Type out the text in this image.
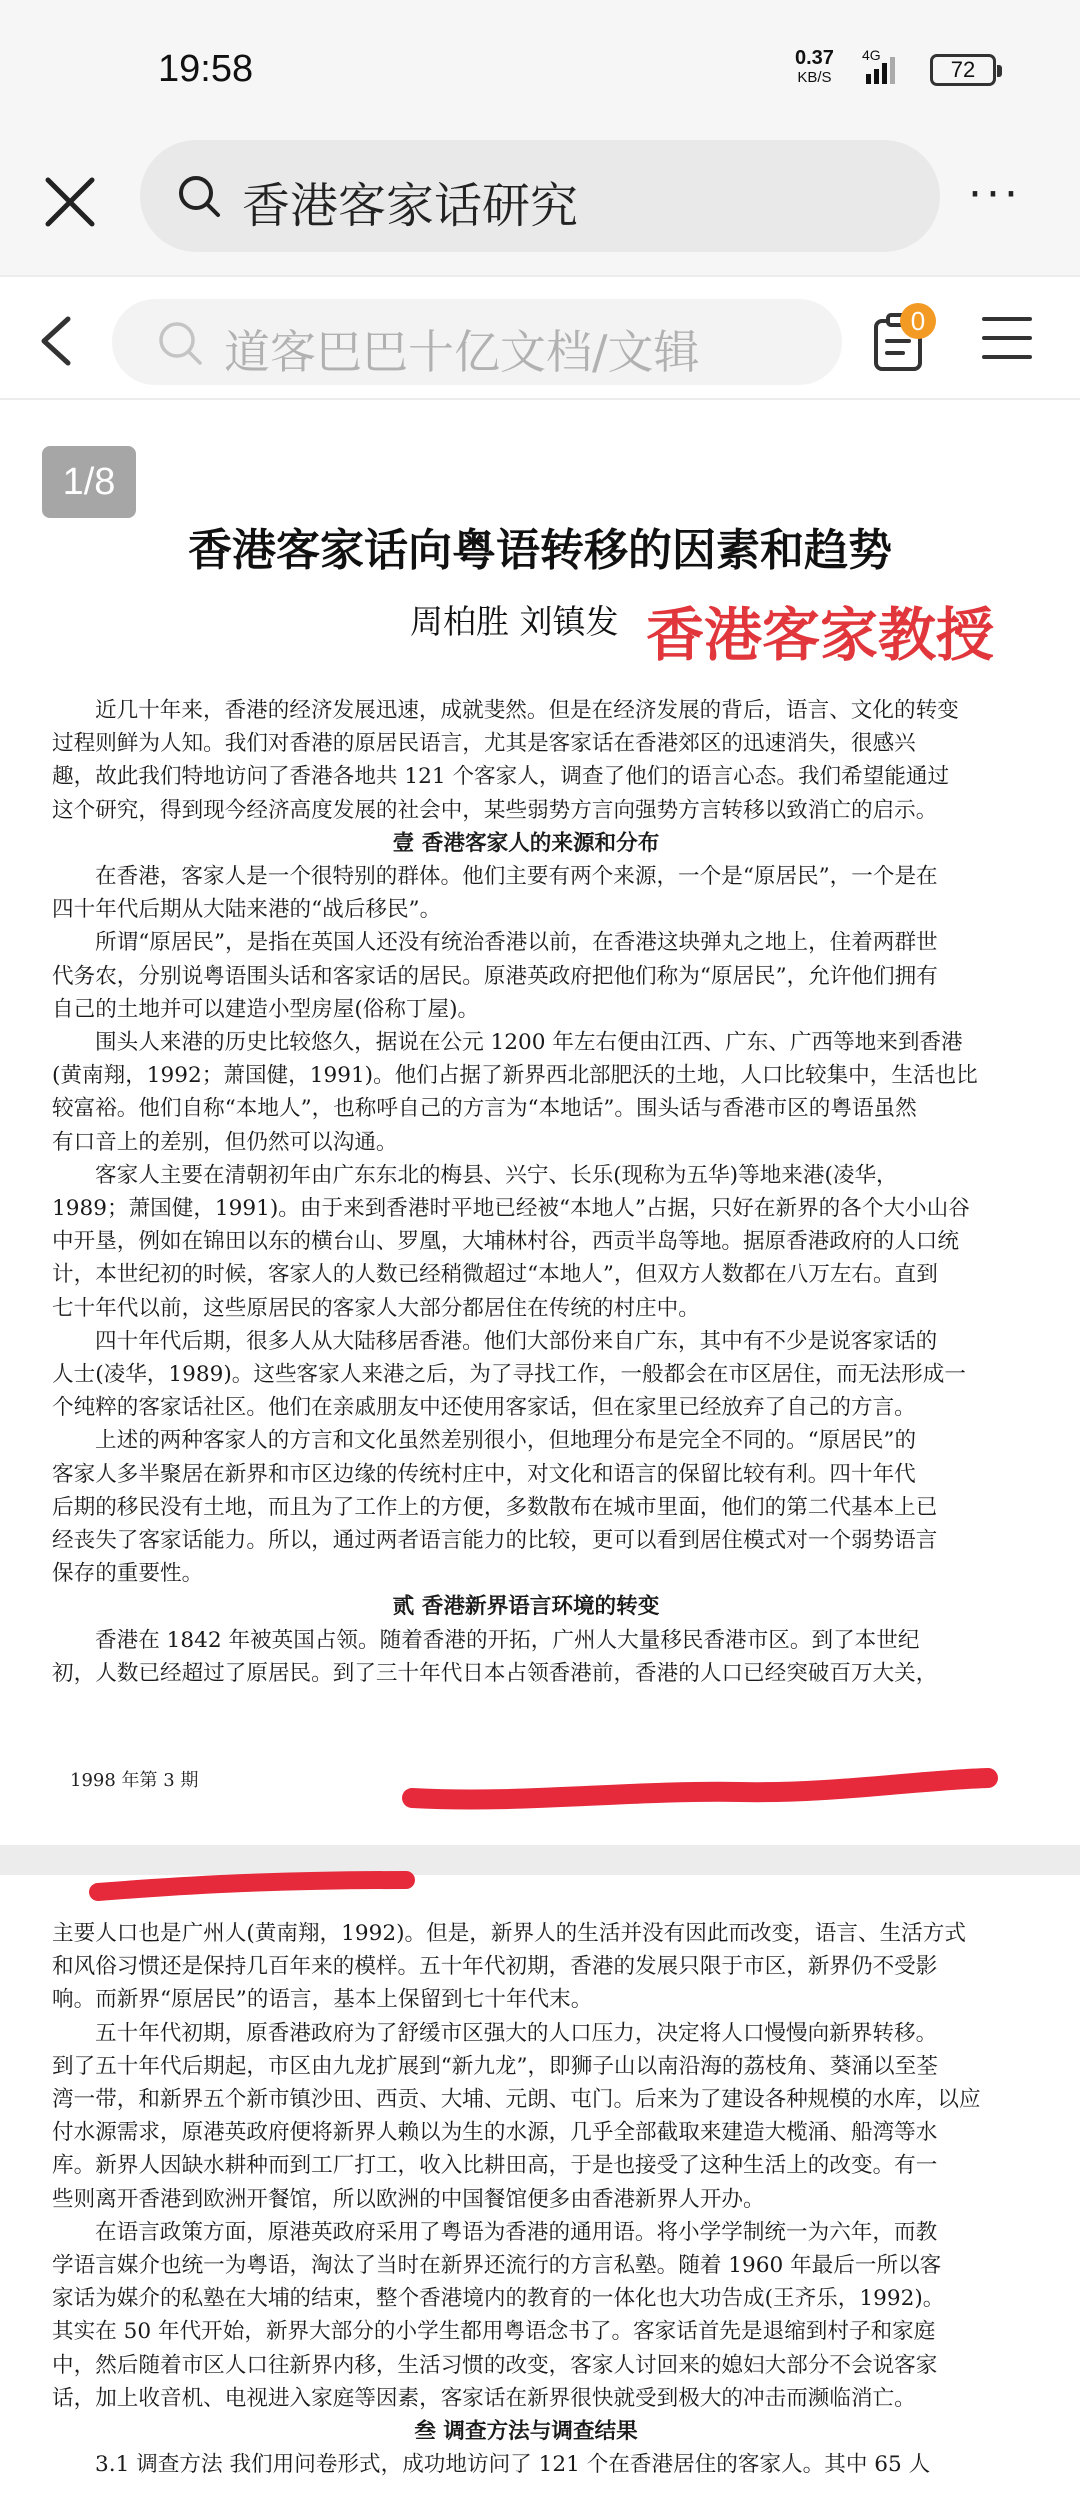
19:58	0.37
KB/S
4G
72
香港客家话研究	···
道客巴巴十亿文档/文辑
0
1/8
香港客家话向粤语转移的因素和趋势
周柏胜 刘镇发 香港客家教授
近几十年来，香港的经济发展迅速，成就斐然。但是在经济发展的背后，语言、文化的转变
过程则鲜为人知。我们对香港的原居民语言，尤其是客家话在香港郊区的迅速消失，很感兴
趣，故此我们特地访问了香港各地共 121 个客家人，调查了他们的语言心态。我们希望能通过
这个研究，得到现今经济高度发展的社会中，某些弱势方言向强势方言转移以致消亡的启示。
壹 香港客家人的来源和分布
在香港，客家人是一个很特别的群体。他们主要有两个来源，一个是“原居民”，一个是在
四十年代后期从大陆来港的“战后移民”。
所谓“原居民”，是指在英国人还没有统治香港以前，在香港这块弹丸之地上，住着两群世
代务农，分别说粤语围头话和客家话的居民。原港英政府把他们称为“原居民”，允许他们拥有
自己的土地并可以建造小型房屋(俗称丁屋)。
围头人来港的历史比较悠久，据说在公元 1200 年左右便由江西、广东、广西等地来到香港
(黄南翔，1992；萧国健，1991)。他们占据了新界西北部肥沃的土地，人口比较集中，生活也比
较富裕。他们自称“本地人”，也称呼自己的方言为“本地话”。围头话与香港市区的粤语虽然
有口音上的差别，但仍然可以沟通。
客家人主要在清朝初年由广东东北的梅县、兴宁、长乐(现称为五华)等地来港(凌华，
1989；萧国健，1991)。由于来到香港时平地已经被“本地人”占据，只好在新界的各个大小山谷
中开垦，例如在锦田以东的横台山、罗凰，大埔林村谷，西贡半岛等地。据原香港政府的人口统
计，本世纪初的时候，客家人的人数已经稍微超过“本地人”，但双方人数都在八万左右。直到
七十年代以前，这些原居民的客家人大部分都居住在传统的村庄中。
四十年代后期，很多人从大陆移居香港。他们大部份来自广东，其中有不少是说客家话的
人士(凌华，1989)。这些客家人来港之后，为了寻找工作，一般都会在市区居住，而无法形成一
个纯粹的客家话社区。他们在亲戚朋友中还使用客家话，但在家里已经放弃了自己的方言。
上述的两种客家人的方言和文化虽然差别很小，但地理分布是完全不同的。“原居民”的
客家人多半聚居在新界和市区边缘的传统村庄中，对文化和语言的保留比较有利。四十年代
后期的移民没有土地，而且为了工作上的方便，多数散布在城市里面，他们的第二代基本上已
经丧失了客家话能力。所以，通过两者语言能力的比较，更可以看到居住模式对一个弱势语言
保存的重要性。
贰 香港新界语言环境的转变
香港在 1842 年被英国占领。随着香港的开拓，广州人大量移民香港市区。到了本世纪
初，人数已经超过了原居民。到了三十年代日本占领香港前，香港的人口已经突破百万大关，
1998 年第 3 期
主要人口也是广州人(黄南翔，1992)。但是，新界人的生活并没有因此而改变，语言、生活方式
和风俗习惯还是保持几百年来的模样。五十年代初期，香港的发展只限于市区，新界仍不受影
响。而新界“原居民”的语言，基本上保留到七十年代末。
五十年代初期，原香港政府为了舒缓市区强大的人口压力，决定将人口慢慢向新界转移。
到了五十年代后期起，市区由九龙扩展到“新九龙”，即狮子山以南沿海的荔枝角、葵涌以至荃
湾一带，和新界五个新市镇沙田、西贡、大埔、元朗、屯门。后来为了建设各种规模的水库，以应
付水源需求，原港英政府便将新界人赖以为生的水源，几乎全部截取来建造大榄涌、船湾等水
库。新界人因缺水耕种而到工厂打工，收入比耕田高，于是也接受了这种生活上的改变。有一
些则离开香港到欧洲开餐馆，所以欧洲的中国餐馆便多由香港新界人开办。
在语言政策方面，原港英政府采用了粤语为香港的通用语。将小学学制统一为六年，而教
学语言媒介也统一为粤语，淘汰了当时在新界还流行的方言私塾。随着 1960 年最后一所以客
家话为媒介的私塾在大埔的结束，整个香港境内的教育的一体化也大功告成(王齐乐，1992)。
其实在 50 年代开始，新界大部分的小学生都用粤语念书了。客家话首先是退缩到村子和家庭
中，然后随着市区人口往新界内移，生活习惯的改变，客家人讨回来的媳妇大部分不会说客家
话，加上收音机、电视进入家庭等因素，客家话在新界很快就受到极大的冲击而濒临消亡。
叁 调查方法与调查结果
3.1 调查方法 我们用问卷形式，成功地访问了 121 个在香港居住的客家人。其中 65 人
